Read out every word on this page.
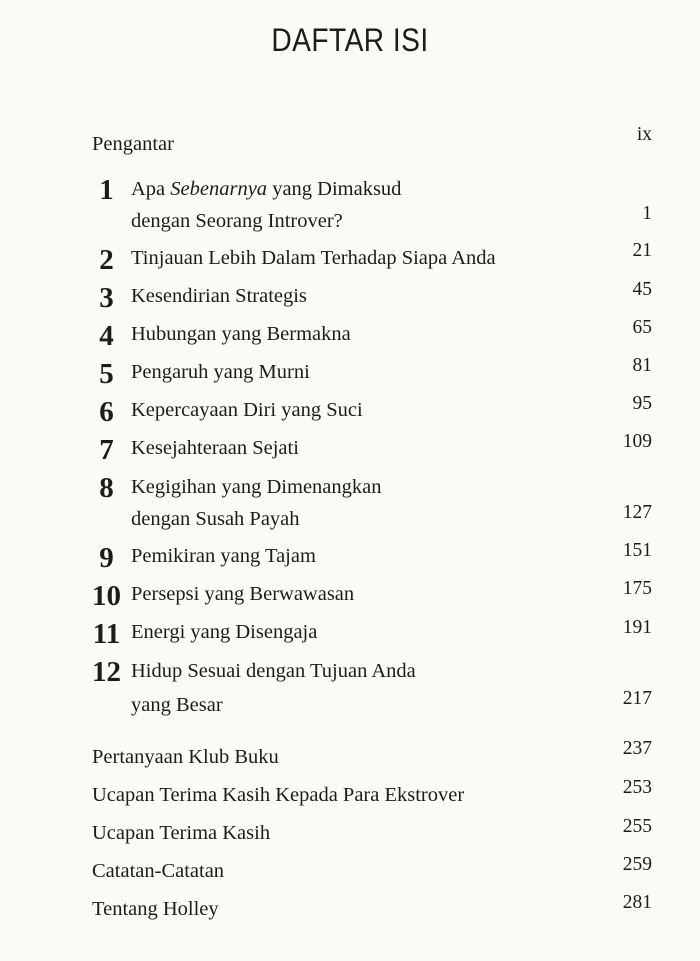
DAFTAR ISI
Pengantar	ix
1 Apa Sebenarnya yang Dimaksud
dengan Seorang Introver?	1
2 Tinjauan Lebih Dalam Terhadap Siapa Anda	21
3 Kesendirian Strategis	45
4 Hubungan yang Bermakna	65
5 Pengaruh yang Murni	81
6 Kepercayaan Diri yang Suci	95
7 Kesejahteraan Sejati	109
8 Kegigihan yang Dimenangkan
dengan Susah Payah	127
9 Pemikiran yang Tajam	151
10 Persepsi yang Berwawasan	175
11 Energi yang Disengaja	191
12 Hidup Sesuai dengan Tujuan Anda
yang Besar	217
Pertanyaan Klub Buku	237
Ucapan Terima Kasih Kepada Para Ekstrover	253
Ucapan Terima Kasih	255
Catatan-Catatan	259
Tentang Holley	281
